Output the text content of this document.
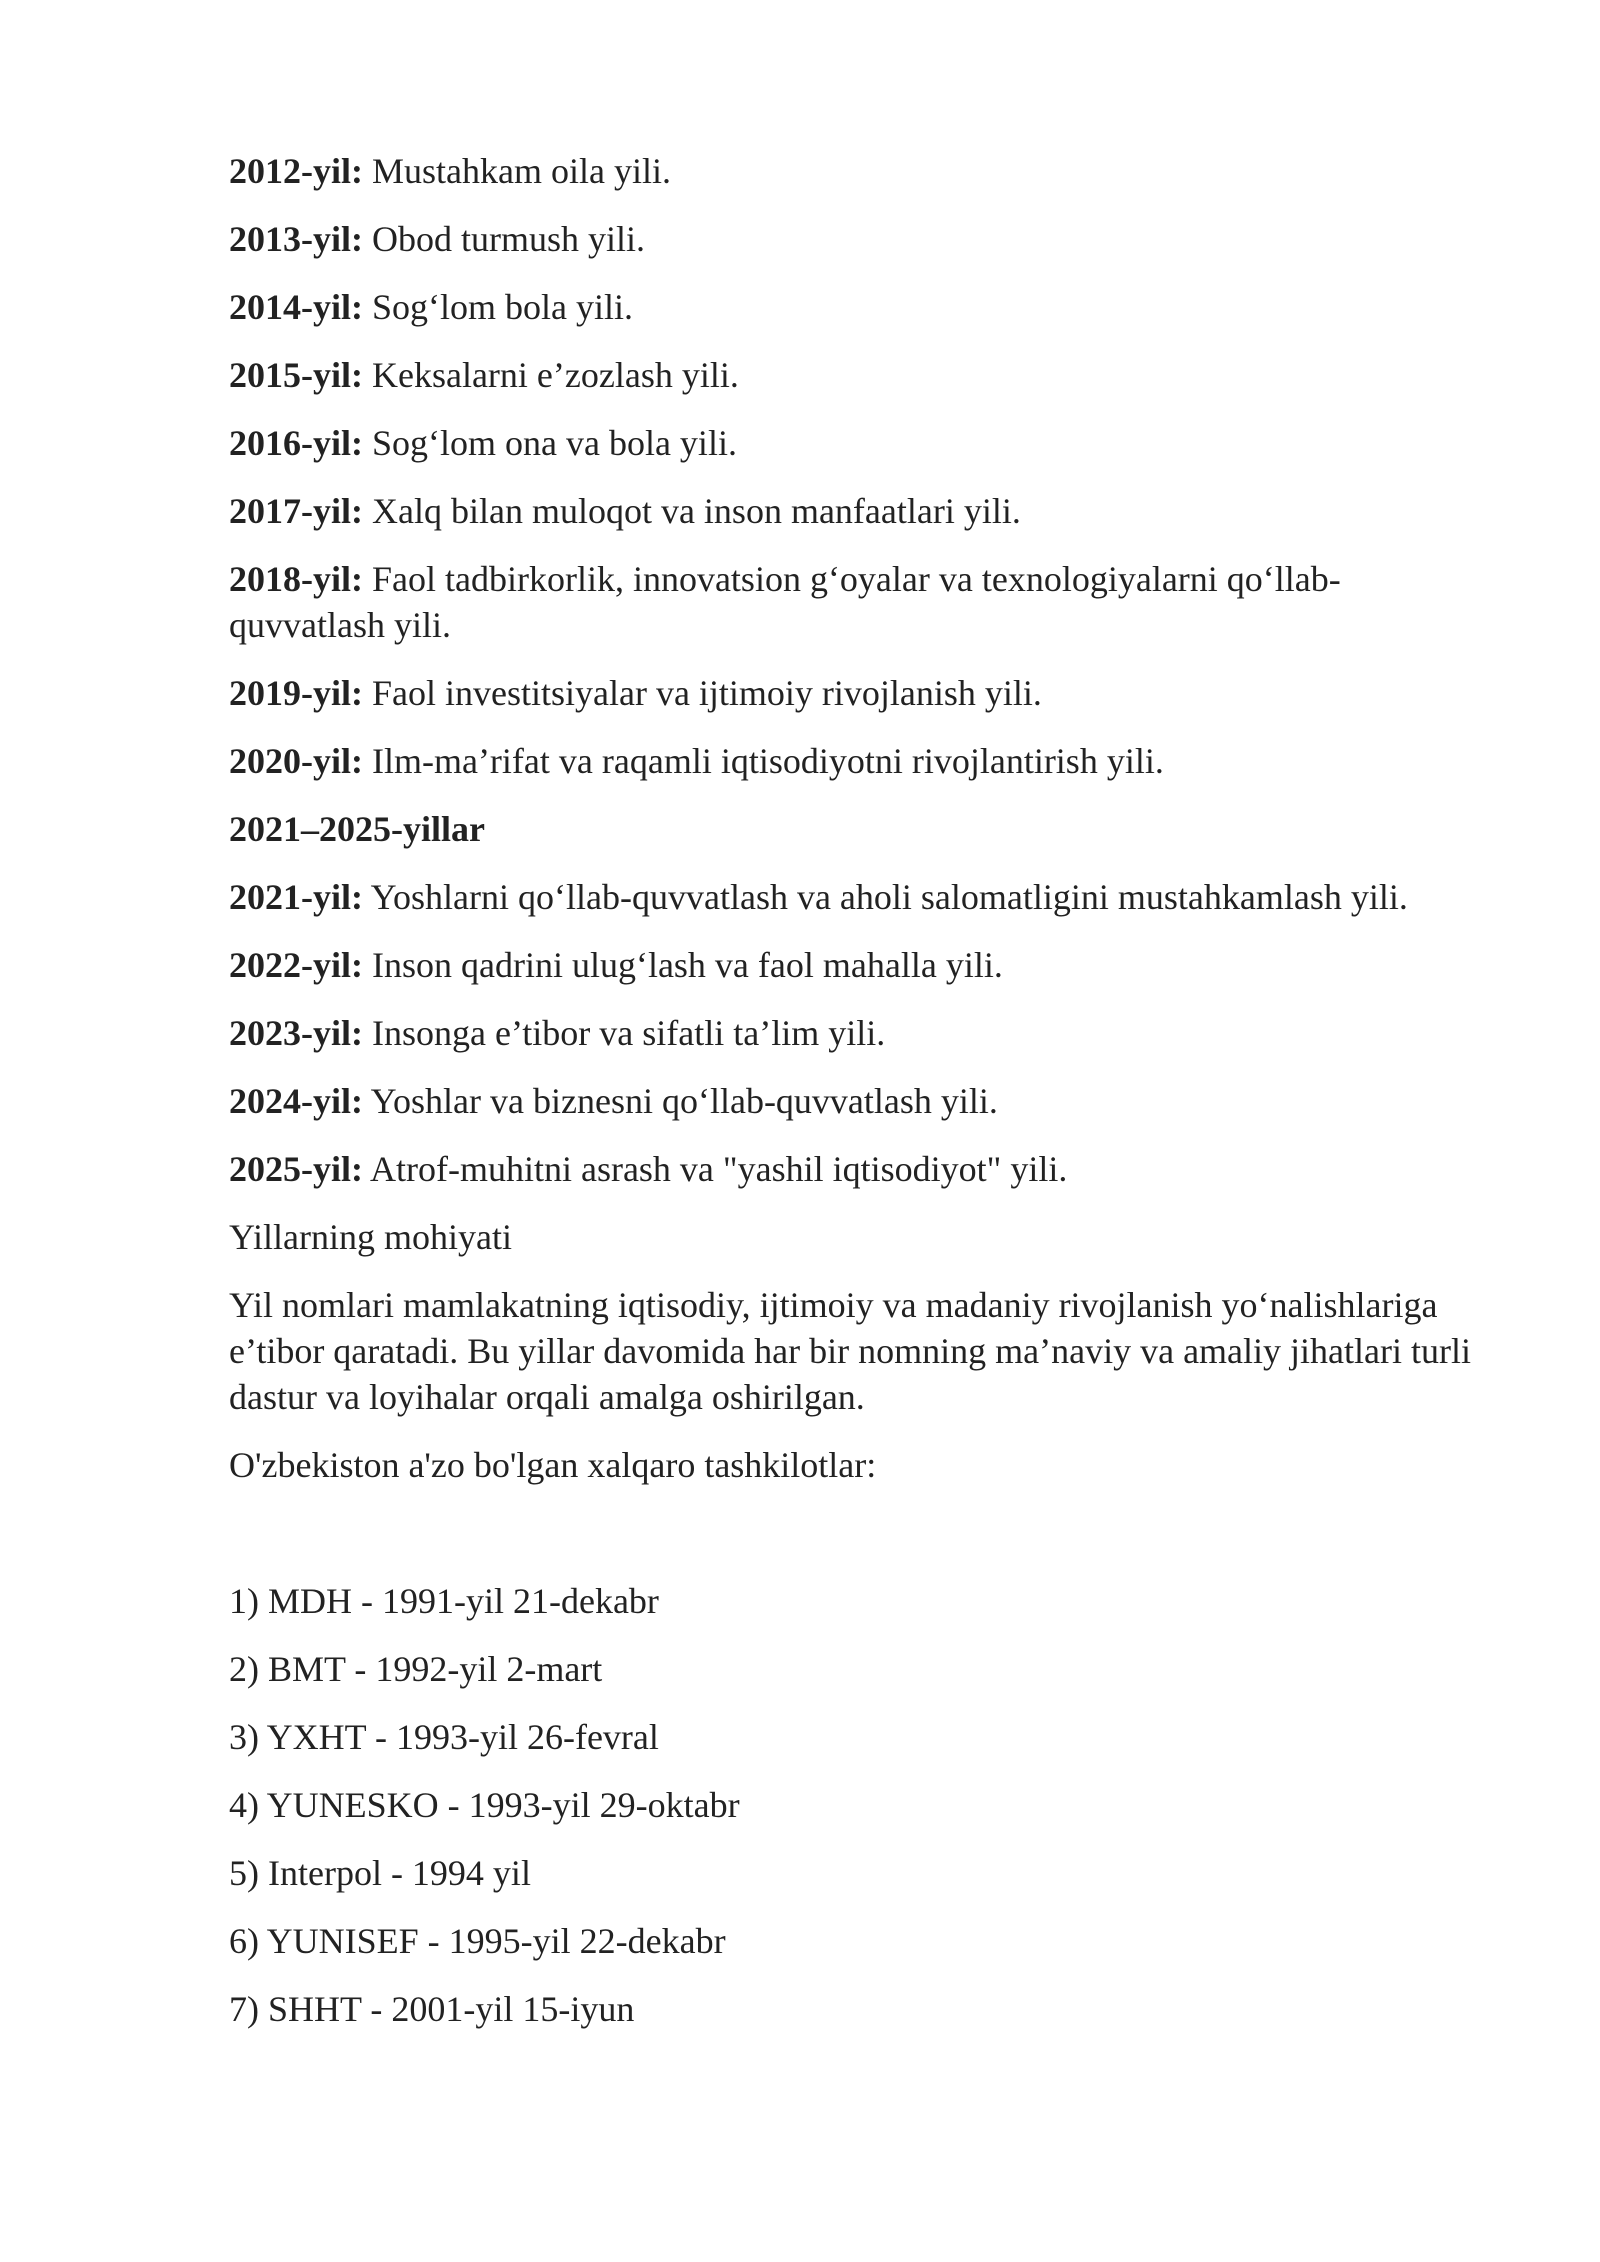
2012-yil: Mustahkam oila yili.

2013-yil: Obod turmush yili.

2014-yil: Sog‘lom bola yili.

2015-yil: Keksalarni e’zozlash yili.

2016-yil: Sog‘lom ona va bola yili.

2017-yil: Xalq bilan muloqot va inson manfaatlari yili.

2018-yil: Faol tadbirkorlik, innovatsion g‘oyalar va texnologiyalarni qo‘llab-quvvatlash yili.

2019-yil: Faol investitsiyalar va ijtimoiy rivojlanish yili.

2020-yil: Ilm-ma’rifat va raqamli iqtisodiyotni rivojlantirish yili.

2021–2025-yillar

2021-yil: Yoshlarni qo‘llab-quvvatlash va aholi salomatligini mustahkamlash yili.

2022-yil: Inson qadrini ulug‘lash va faol mahalla yili.

2023-yil: Insonga e’tibor va sifatli ta’lim yili.

2024-yil: Yoshlar va biznesni qo‘llab-quvvatlash yili.

2025-yil: Atrof-muhitni asrash va "yashil iqtisodiyot" yili.

Yillarning mohiyati

Yil nomlari mamlakatning iqtisodiy, ijtimoiy va madaniy rivojlanish yo‘nalishlariga e’tibor qaratadi. Bu yillar davomida har bir nomning ma’naviy va amaliy jihatlari turli dastur va loyihalar orqali amalga oshirilgan.

O'zbekiston a'zo bo'lgan xalqaro tashkilotlar:

1) MDH - 1991-yil 21-dekabr

2) BMT - 1992-yil 2-mart

3) YXHT - 1993-yil 26-fevral

4) YUNESKO - 1993-yil 29-oktabr

5) Interpol - 1994 yil

6) YUNISEF - 1995-yil 22-dekabr

7) SHHT - 2001-yil 15-iyun
